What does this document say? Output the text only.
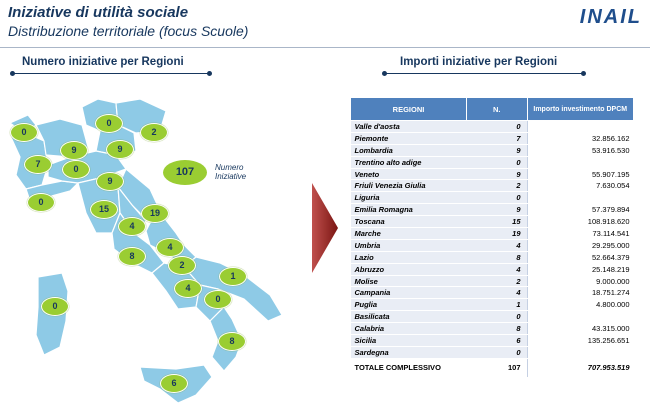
Iniziative di utilità sociale
Distribuzione territoriale (focus Scuole)
INAIL
Numero iniziative per Regioni	Importi iniziative per Regioni
0
0
2
9	9
7
0
9
0
15	19
4
4
8
2
1
4
0
0
8
6
107	Numero
Iniziative
REGIONI	N.	Importo investimento DPCM
Valle d'aosta	0	
Piemonte	7	32.856.162
Lombardia	9	53.916.530
Trentino alto adige	0	
Veneto	9	55.907.195
Friuli Venezia Giulia	2	7.630.054
Liguria	0	
Emilia Romagna	9	57.379.894
Toscana	15	108.918.620
Marche	19	73.114.541
Umbria	4	29.295.000
Lazio	8	52.664.379
Abruzzo	4	25.148.219
Molise	2	9.000.000
Campania	4	18.751.274
Puglia	1	4.800.000
Basilicata	0	
Calabria	8	43.315.000
Sicilia	6	135.256.651
Sardegna	0	
TOTALE COMPLESSIVO	107	707.953.519
